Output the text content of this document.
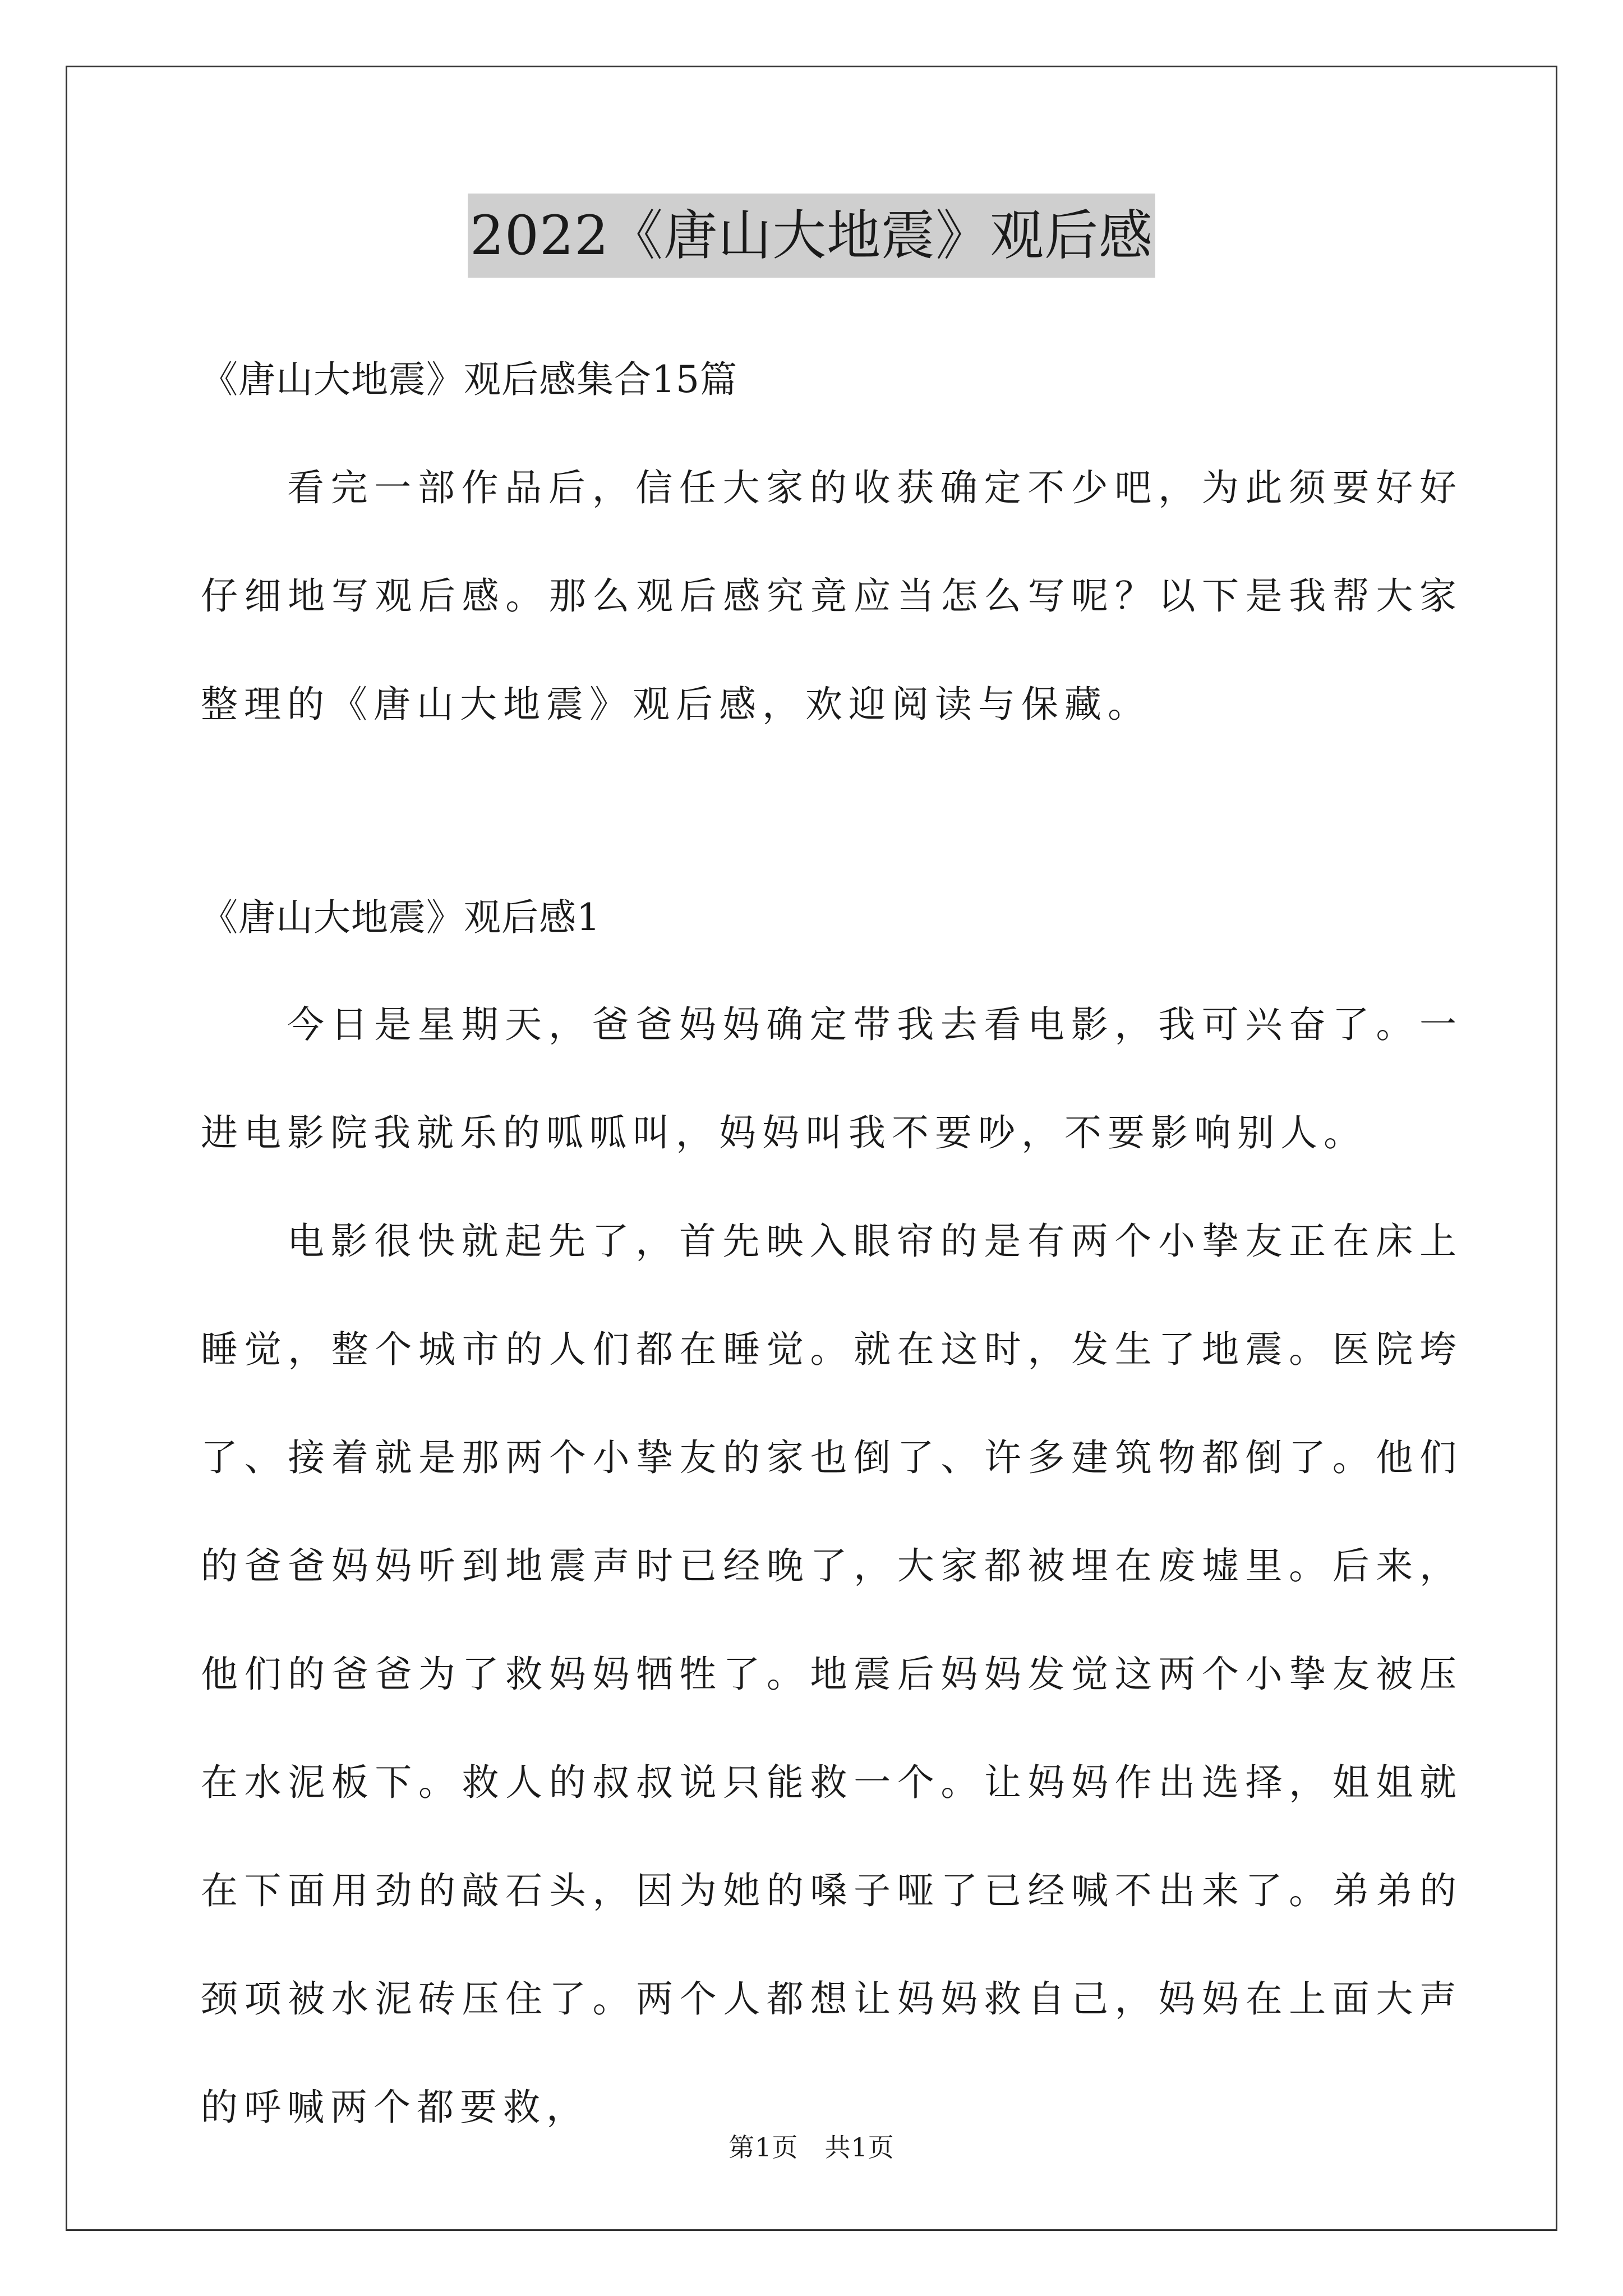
2022《唐山大地震》观后感
《唐山大地震》观后感集合15篇
看完一部作品后，信任大家的收获确定不少吧，为此须要好好仔细地写观后感。那么观后感究竟应当怎么写呢？以下是我帮大家整理的《唐山大地震》观后感，欢迎阅读与保藏。
《唐山大地震》观后感1
今日是星期天，爸爸妈妈确定带我去看电影，我可兴奋了。一进电影院我就乐的呱呱叫，妈妈叫我不要吵，不要影响别人。
电影很快就起先了，首先映入眼帘的是有两个小挚友正在床上睡觉，整个城市的人们都在睡觉。就在这时，发生了地震。医院垮了、接着就是那两个小挚友的家也倒了、许多建筑物都倒了。他们的爸爸妈妈听到地震声时已经晚了，大家都被埋在废墟里。后来，他们的爸爸为了救妈妈牺牲了。地震后妈妈发觉这两个小挚友被压在水泥板下。救人的叔叔说只能救一个。让妈妈作出选择，姐姐就在下面用劲的敲石头，因为她的嗓子哑了已经喊不出来了。弟弟的颈项被水泥砖压住了。两个人都想让妈妈救自己，妈妈在上面大声的呼喊两个都要救，
第1页　共1页
